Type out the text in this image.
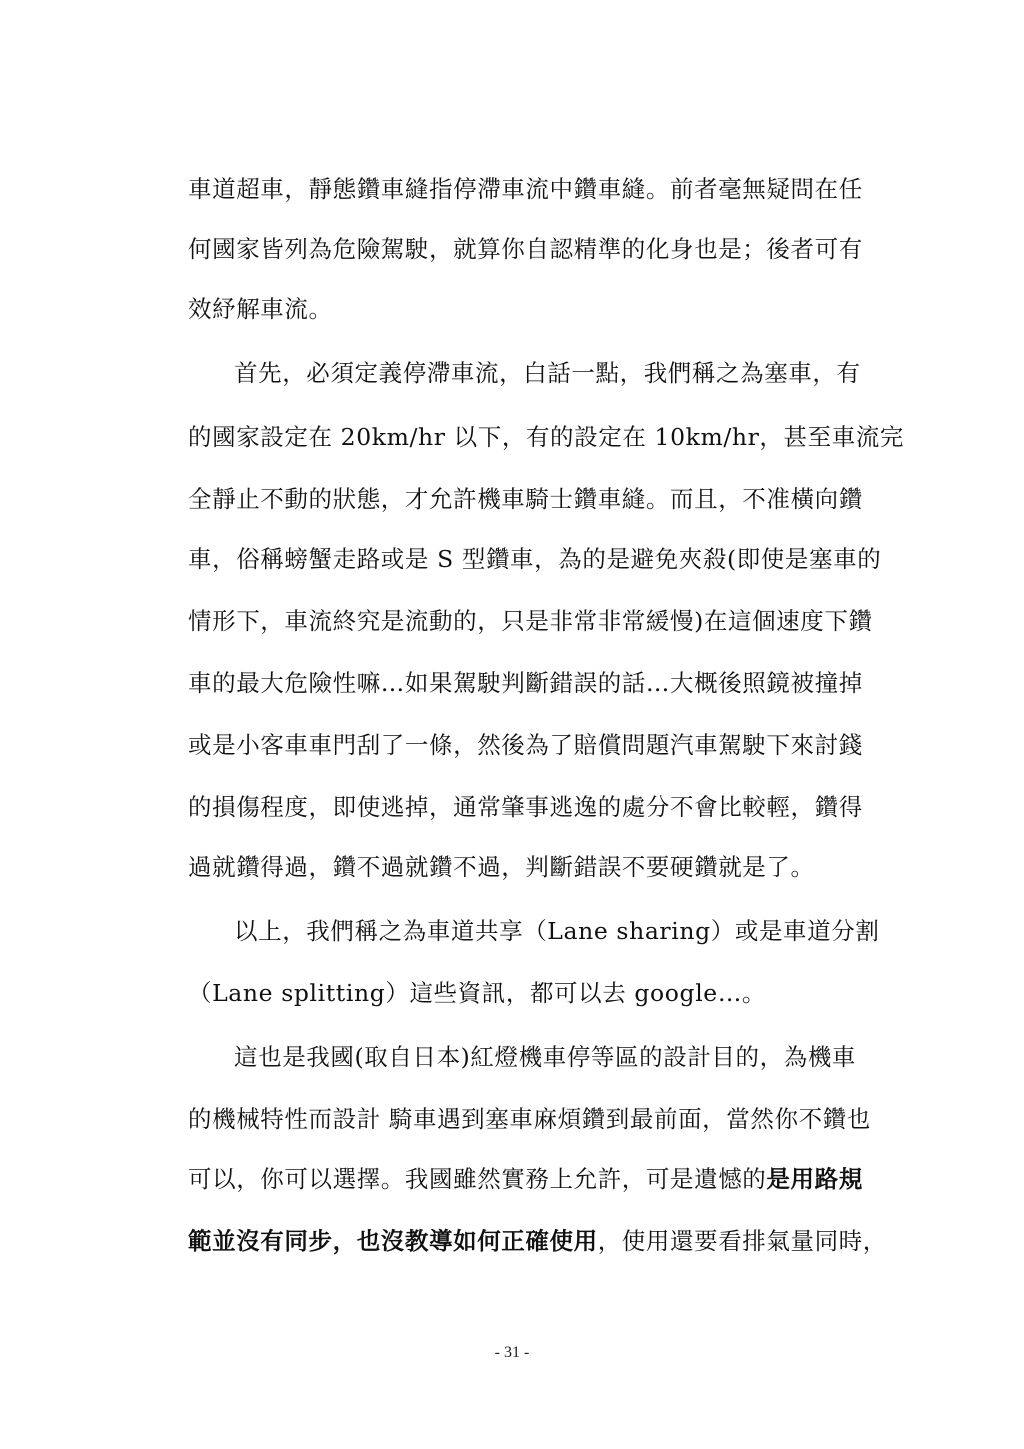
車道超車，靜態鑽車縫指停滯車流中鑽車縫。前者毫無疑問在任
何國家皆列為危險駕駛，就算你自認精準的化身也是；後者可有
效紓解車流。
首先，必須定義停滯車流，白話一點，我們稱之為塞車，有
的國家設定在 20km/hr 以下，有的設定在 10km/hr，甚至車流完
全靜止不動的狀態，才允許機車騎士鑽車縫。而且，不准橫向鑽
車，俗稱螃蟹走路或是 S 型鑽車，為的是避免夾殺(即使是塞車的
情形下，車流終究是流動的，只是非常非常緩慢)在這個速度下鑽
車的最大危險性嘛…如果駕駛判斷錯誤的話…大概後照鏡被撞掉
或是小客車車門刮了一條，然後為了賠償問題汽車駕駛下來討錢
的損傷程度，即使逃掉，通常肇事逃逸的處分不會比較輕，鑽得
過就鑽得過，鑽不過就鑽不過，判斷錯誤不要硬鑽就是了。
以上，我們稱之為車道共享（Lane sharing）或是車道分割
（Lane splitting）這些資訊，都可以去 google…。
這也是我國(取自日本)紅燈機車停等區的設計目的，為機車
的機械特性而設計 騎車遇到塞車麻煩鑽到最前面，當然你不鑽也
可以，你可以選擇。我國雖然實務上允許，可是遺憾的是用路規
範並沒有同步，也沒教導如何正確使用，使用還要看排氣量同時，
- 31 -
